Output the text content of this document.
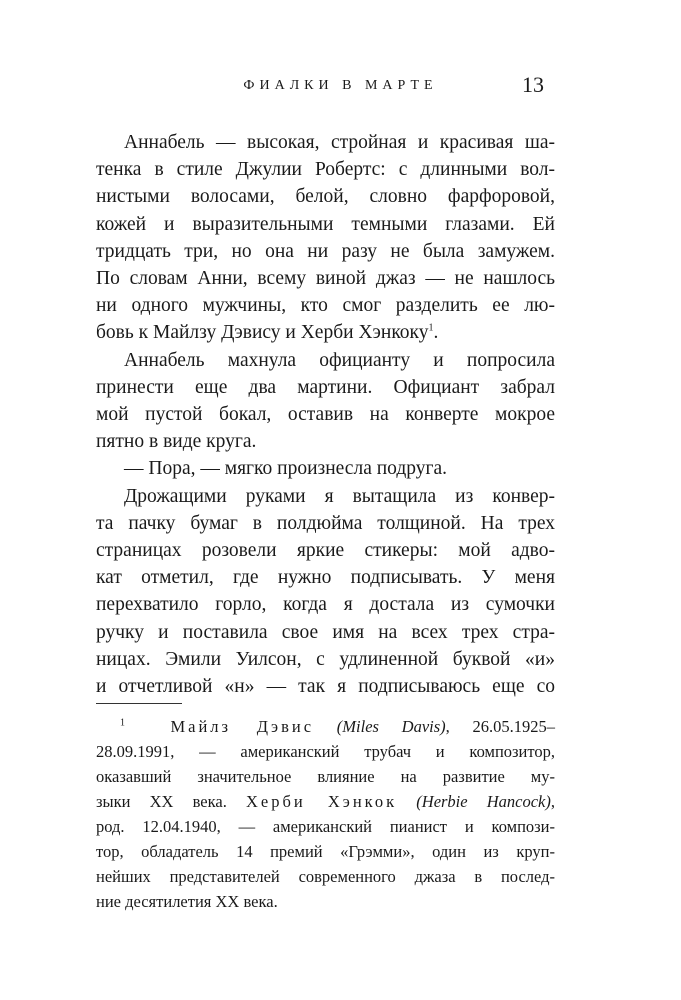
ФИАЛКИ В МАРТЕ	13
Аннабель — высокая, стройная и красивая ша-
тенка в стиле Джулии Робертс: с длинными вол-
нистыми волосами, белой, словно фарфоровой,
кожей и выразительными темными глазами. Ей
тридцать три, но она ни разу не была замужем.
По словам Анни, всему виной джаз — не нашлось
ни одного мужчины, кто смог разделить ее лю-
бовь к Майлзу Дэвису и Херби Хэнкоку$^1$.
Аннабель махнула официанту и попросила
принести еще два мартини. Официант забрал
мой пустой бокал, оставив на конверте мокрое
пятно в виде круга.
— Пора, — мягко произнесла подруга.
Дрожащими руками я вытащила из конвер-
та пачку бумаг в полдюйма толщиной. На трех
страницах розовели яркие стикеры: мой адво-
кат отметил, где нужно подписывать. У меня
перехватило горло, когда я достала из сумочки
ручку и поставила свое имя на всех трех стра-
ницах. Эмили Уилсон, с удлиненной буквой «и»
и отчетливой «н» — так я подписываюсь еще со
$^1$	Майлз Дэвис (Miles Davis), 26.05.1925–
28.09.1991, — американский трубач и композитор,
оказавший значительное влияние на развитие му-
зыки XX века. Херби Хэнкок (Herbie Hancock),
род. 12.04.1940, — американский пианист и компози-
тор, обладатель 14 премий «Грэмми», один из круп-
нейших представителей современного джаза в послед-
ние десятилетия XX века.
